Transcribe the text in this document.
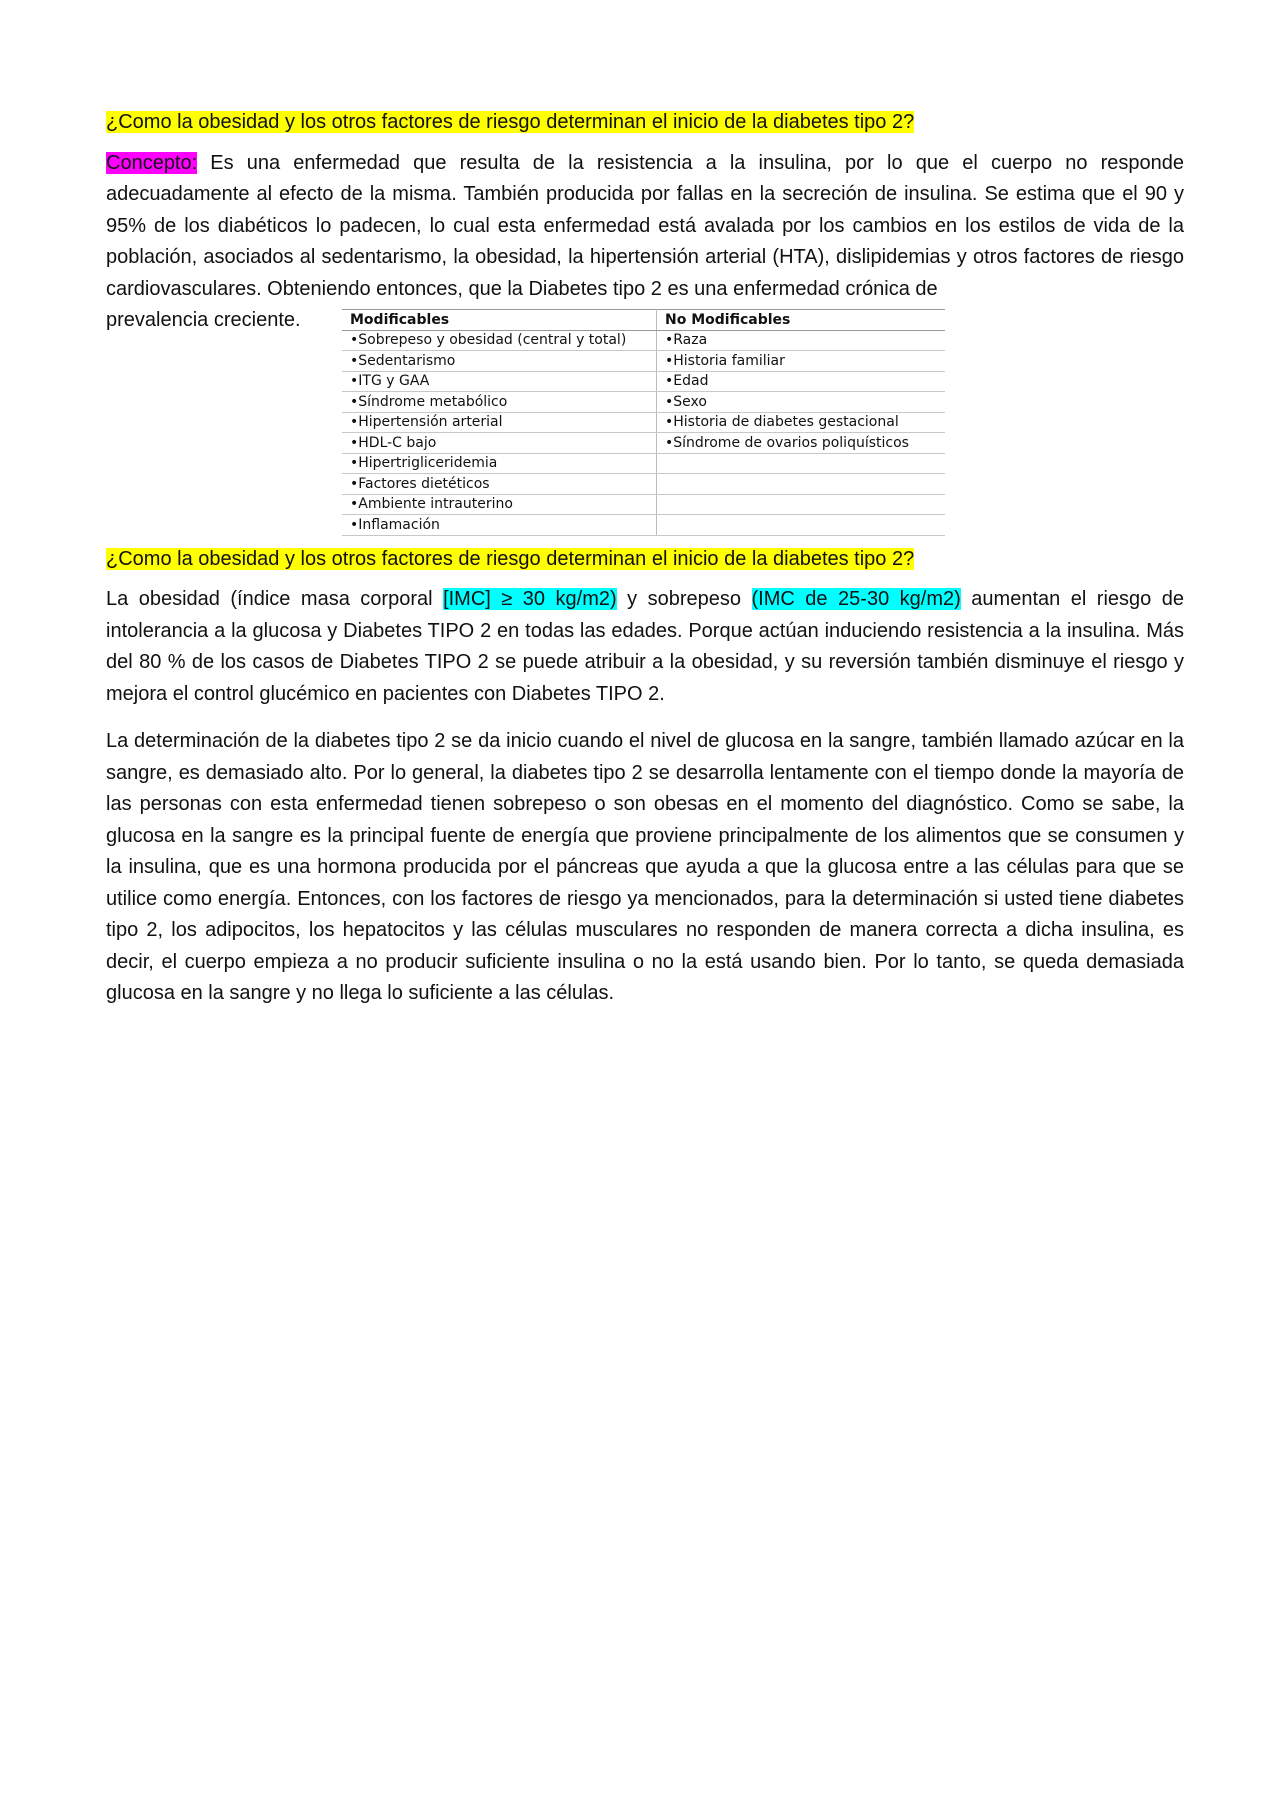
¿Como la obesidad y los otros factores de riesgo determinan el inicio de la diabetes tipo 2?

Concepto: Es una enfermedad que resulta de la resistencia a la insulina, por lo que el cuerpo no responde adecuadamente al efecto de la misma. También producida por fallas en la secreción de insulina. Se estima que el 90 y 95% de los diabéticos lo padecen, lo cual esta enfermedad está avalada por los cambios en los estilos de vida de la población, asociados al sedentarismo, la obesidad, la hipertensión arterial (HTA), dislipidemias y otros factores de riesgo cardiovasculares. Obteniendo entonces, que la Diabetes tipo 2 es una enfermedad crónica de

prevalencia creciente.	Modificables	No Modificables
•Sobrepeso y obesidad (central y total)	•Raza
•Sedentarismo	•Historia familiar
•ITG y GAA	•Edad
•Síndrome metabólico	•Sexo
•Hipertensión arterial	•Historia de diabetes gestacional
•HDL-C bajo	•Síndrome de ovarios poliquísticos
•Hipertrigliceridemia	
•Factores dietéticos	
•Ambiente intrauterino	
•Inflamación	

¿Como la obesidad y los otros factores de riesgo determinan el inicio de la diabetes tipo 2?

La obesidad (índice masa corporal [IMC] ≥ 30 kg/m2) y sobrepeso (IMC de 25-30 kg/m2) aumentan el riesgo de intolerancia a la glucosa y Diabetes TIPO 2 en todas las edades. Porque actúan induciendo resistencia a la insulina. Más del 80 % de los casos de Diabetes TIPO 2 se puede atribuir a la obesidad, y su reversión también disminuye el riesgo y mejora el control glucémico en pacientes con Diabetes TIPO 2.

La determinación de la diabetes tipo 2 se da inicio cuando el nivel de glucosa en la sangre, también llamado azúcar en la sangre, es demasiado alto. Por lo general, la diabetes tipo 2 se desarrolla lentamente con el tiempo donde la mayoría de las personas con esta enfermedad tienen sobrepeso o son obesas en el momento del diagnóstico. Como se sabe, la glucosa en la sangre es la principal fuente de energía que proviene principalmente de los alimentos que se consumen y la insulina, que es una hormona producida por el páncreas que ayuda a que la glucosa entre a las células para que se utilice como energía. Entonces, con los factores de riesgo ya mencionados, para la determinación si usted tiene diabetes tipo 2, los adipocitos, los hepatocitos y las células musculares no responden de manera correcta a dicha insulina, es decir, el cuerpo empieza a no producir suficiente insulina o no la está usando bien. Por lo tanto, se queda demasiada glucosa en la sangre y no llega lo suficiente a las células.
